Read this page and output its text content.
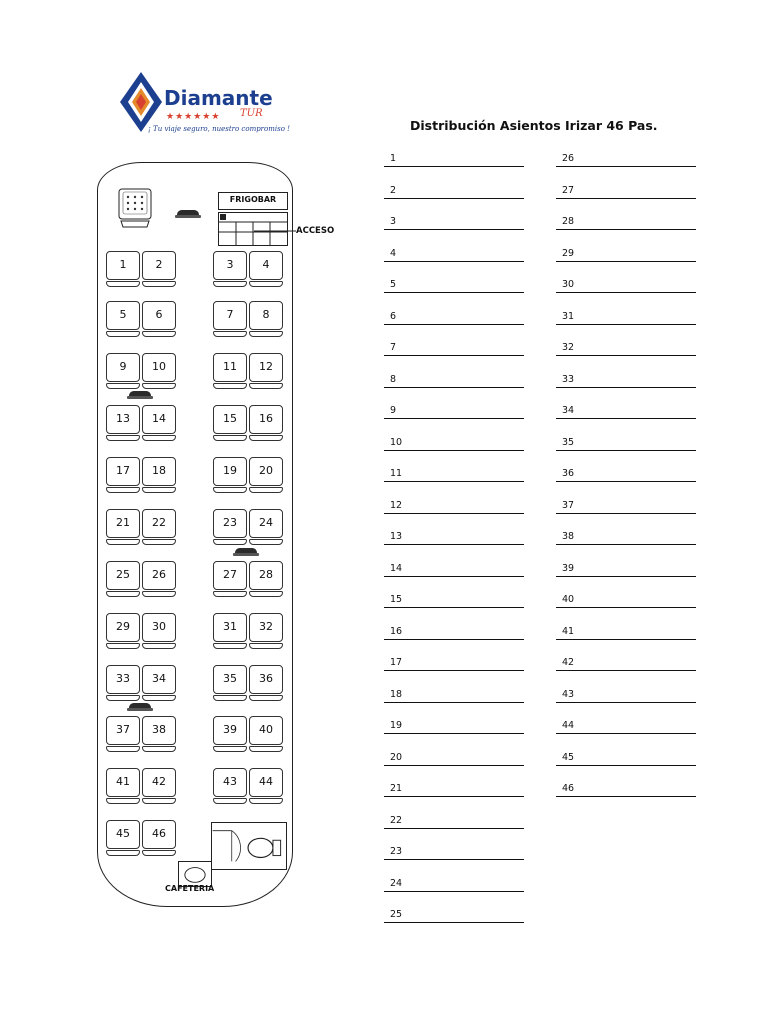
Diamante
★★★★★★ TUR
¡ Tu viaje seguro, nuestro compromiso !	Distribución Asientos Irizar 46 Pas.
FRIGOBAR
ACCESO
1	2	3	4
5	6	7	8
9	10	11	12
13	14	15	16
17	18	19	20
21	22	23	24
25	26	27	28
29	30	31	32
33	34	35	36
37	38	39	40
41	42	43	44
45	46
CAFETERIA
1
2
3
4
5
6
7
8
9
10
11
12
13
14
15
16
17
18
19
20
21
22
23
24
25
26
27
28
29
30
31
32
33
34
35
36
37
38
39
40
41
42
43
44
45
46
